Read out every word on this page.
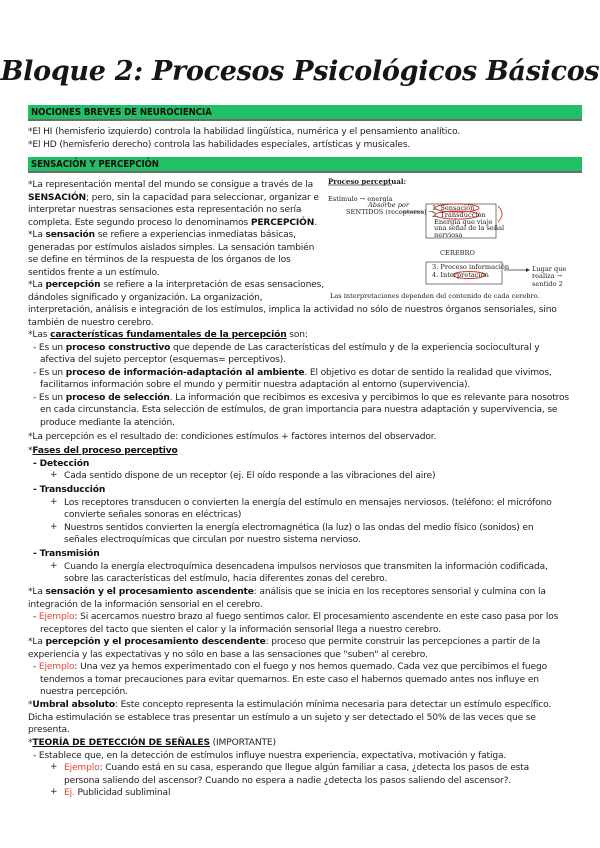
Bloque 2: Procesos Psicológicos Básicos
NOCIONES BREVES DE NEUROCIENCIA
*El HI (hemisferio izquierdo) controla la habilidad lingüística, numérica y el pensamiento analítico.
*El HD (hemisferio derecho) controla las habilidades especiales, artísticas y musicales.
SENSACIÓN Y PERCEPCIÓN
*La representación mental del mundo se consigue a través de la
SENSACIÓN; pero, sin la capacidad para seleccionar, organizar e
interpretar nuestras sensaciones esta representación no sería
completa. Este segundo proceso lo denominamos PERCEPCIÓN.
*La sensación se refiere a experiencias inmediatas básicas,
generadas por estímulos aislados simples. La sensación también
se define en términos de la respuesta de los órganos de los
sentidos frente a un estímulo.
*La percepción se refiere a la interpretación de esas sensaciones,
dándoles significado y organización. La organización,
interpretación, análisis e integración de los estímulos, implica la actividad no sólo de nuestros órganos sensoriales, sino
también de nuestro cerebro.
Proceso perceptual:
Estímulo → energía
Absorbe por
SENTIDOS (receptores) →
1. Sensación
2. Transducción
Energía que viaje
una señal de la señal
nerviosa
CEREBRO
3. Proceso información
4. Interpretación
Lugar que realiza → sentido 2
Las interpretaciones dependen del contenido de cada cerebro.
*Las características fundamentales de la percepción son:
- Es un proceso constructivo que depende de Las características del estímulo y de la experiencia sociocultural y
afectiva del sujeto perceptor (esquemas= perceptivos).
- Es un proceso de información-adaptación al ambiente. El objetivo es dotar de sentido la realidad que vivimos,
facilitarnos información sobre el mundo y permitir nuestra adaptación al entorno (supervivencia).
- Es un proceso de selección. La información que recibimos es excesiva y percibimos lo que es relevante para nosotros
en cada circunstancia. Esta selección de estímulos, de gran importancia para nuestra adaptación y supervivencia, se
produce mediante la atención.
*La percepción es el resultado de: condiciones estímulos + factores internos del observador.
*Fases del proceso perceptivo
- Detección
+ Cada sentido dispone de un receptor (ej. El oído responde a las vibraciones del aire)
- Transducción
+ Los receptores transducen o convierten la energía del estímulo en mensajes nerviosos. (teléfono: el micrófono
convierte señales sonoras en eléctricas)
+ Nuestros sentidos convierten la energía electromagnética (la luz) o las ondas del medio físico (sonidos) en
señales electroquímicas que circulan por nuestro sistema nervioso.
- Transmisión
+ Cuando la energía electroquímica desencadena impulsos nerviosos que transmiten la información codificada,
sobre las características del estímulo, hacia diferentes zonas del cerebro.
*La sensación y el procesamiento ascendente: análisis que se inicia en los receptores sensorial y culmina con la
integración de la información sensorial en el cerebro.
- Ejemplo: Si acercamos nuestro brazo al fuego sentimos calor. El procesamiento ascendente en este caso pasa por los
receptores del tacto que sienten el calor y la información sensorial llega a nuestro cerebro.
*La percepción y el procesamiento descendente: proceso que permite construir las percepciones a partir de la
experiencia y las expectativas y no sólo en base a las sensaciones que "suben" al cerebro.
- Ejemplo: Una vez ya hemos experimentado con el fuego y nos hemos quemado. Cada vez que percibimos el fuego
tendemos a tomar precauciones para evitar quemarnos. En este caso el habernos quemado antes nos influye en
nuestra percepción.
*Umbral absoluto: Este concepto representa la estimulación mínima necesaria para detectar un estímulo específico.
Dicha estimulación se establece tras presentar un estímulo a un sujeto y ser detectado el 50% de las veces que se
presenta.
*TEORÍA DE DETECCIÓN DE SEÑALES (IMPORTANTE)
- Establece que, en la detección de estímulos influye nuestra experiencia, expectativa, motivación y fatiga.
+ Ejemplo: Cuando está en su casa, esperando que llegue algún familiar a casa, ¿detecta los pasos de esta
persona saliendo del ascensor? Cuando no espera a nadie ¿detecta los pasos saliendo del ascensor?.
+ Ej. Publicidad subliminal
